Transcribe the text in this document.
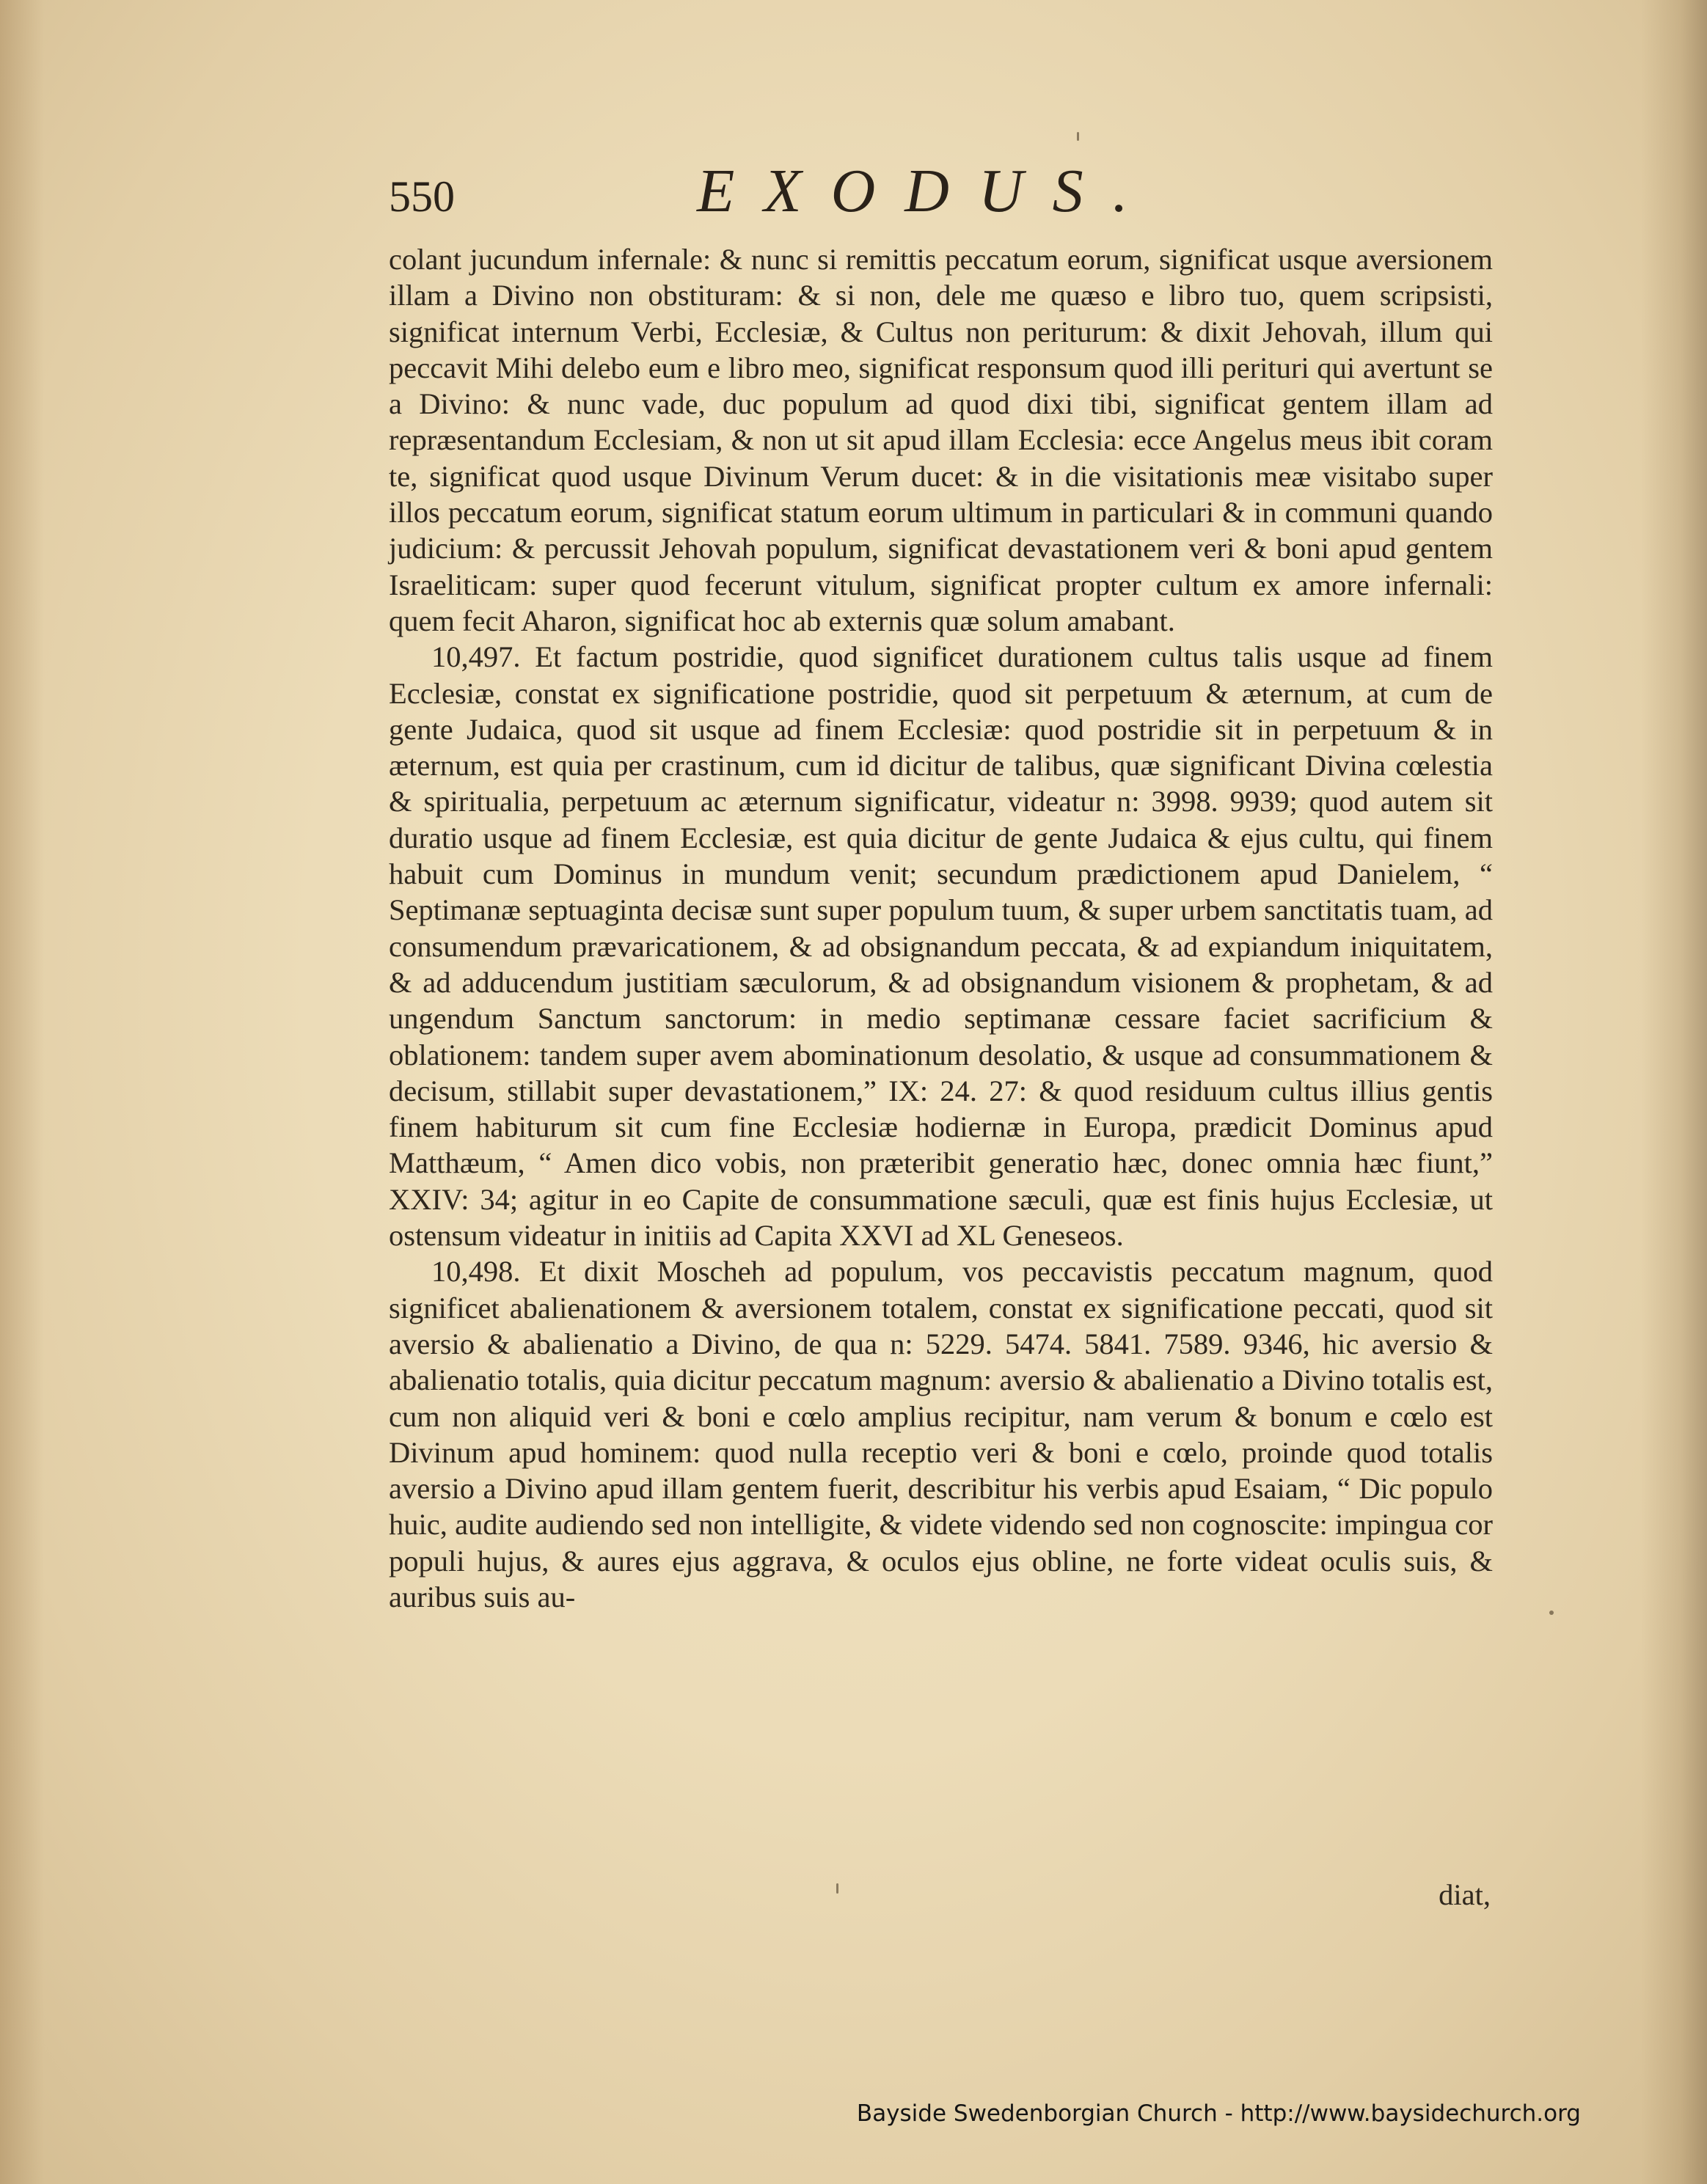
550	EXODUS.

colant jucundum infernale: & nunc si remittis peccatum eorum, significat usque aversionem illam a Divino non obstituram: & si non, dele me quæso e libro tuo, quem scripsisti, significat internum Verbi, Ecclesiæ, & Cultus non periturum: & dixit Jehovah, illum qui peccavit Mihi delebo eum e libro meo, significat responsum quod illi perituri qui avertunt se a Divino: & nunc vade, duc populum ad quod dixi tibi, significat gentem illam ad repræsentandum Ecclesiam, & non ut sit apud illam Ecclesia: ecce Angelus meus ibit coram te, significat quod usque Divinum Verum ducet: & in die visitationis meæ visitabo super illos peccatum eorum, significat statum eorum ultimum in particulari & in communi quando judicium: & percussit Jehovah populum, significat devastationem veri & boni apud gentem Israeliticam: super quod fecerunt vitulum, significat propter cultum ex amore infernali: quem fecit Aharon, significat hoc ab externis quæ solum amabant.

10,497. Et factum postridie, quod significet durationem cultus talis usque ad finem Ecclesiæ, constat ex significatione postridie, quod sit perpetuum & æternum, at cum de gente Judaica, quod sit usque ad finem Ecclesiæ: quod postridie sit in perpetuum & in æternum, est quia per crastinum, cum id dicitur de talibus, quæ significant Divina cœlestia & spiritualia, perpetuum ac æternum significatur, videatur n: 3998. 9939; quod autem sit duratio usque ad finem Ecclesiæ, est quia dicitur de gente Judaica & ejus cultu, qui finem habuit cum Dominus in mundum venit; secundum prædictionem apud Danielem, “ Septimanæ septuaginta decisæ sunt super populum tuum, & super urbem sanctitatis tuam, ad consumendum prævaricationem, & ad obsignandum peccata, & ad expiandum iniquitatem, & ad adducendum justitiam sæculorum, & ad obsignandum visionem & prophetam, & ad ungendum Sanctum sanctorum: in medio septimanæ cessare faciet sacrificium & oblationem: tandem super avem abominationum desolatio, & usque ad consummationem & decisum, stillabit super devastationem,” IX: 24. 27: & quod residuum cultus illius gentis finem habiturum sit cum fine Ecclesiæ hodiernæ in Europa, prædicit Dominus apud Matthæum, “ Amen dico vobis, non præteribit generatio hæc, donec omnia hæc fiunt,” XXIV: 34; agitur in eo Capite de consummatione sæculi, quæ est finis hujus Ecclesiæ, ut ostensum videatur in initiis ad Capita XXVI ad XL Geneseos.

10,498. Et dixit Moscheh ad populum, vos peccavistis peccatum magnum, quod significet abalienationem & aversionem totalem, constat ex significatione peccati, quod sit aversio & abalienatio a Divino, de qua n: 5229. 5474. 5841. 7589. 9346, hic aversio & abalienatio totalis, quia dicitur peccatum magnum: aversio & abalienatio a Divino totalis est, cum non aliquid veri & boni e cœlo amplius recipitur, nam verum & bonum e cœlo est Divinum apud hominem: quod nulla receptio veri & boni e cœlo, proinde quod totalis aversio a Divino apud illam gentem fuerit, describitur his verbis apud Esaiam, “ Dic populo huic, audite audiendo sed non intelligite, & videte videndo sed non cognoscite: impingua cor populi hujus, & aures ejus aggrava, & oculos ejus obline, ne forte videat oculis suis, & auribus suis au-

diat,
Bayside Swedenborgian Church - http://www.baysidechurch.org
